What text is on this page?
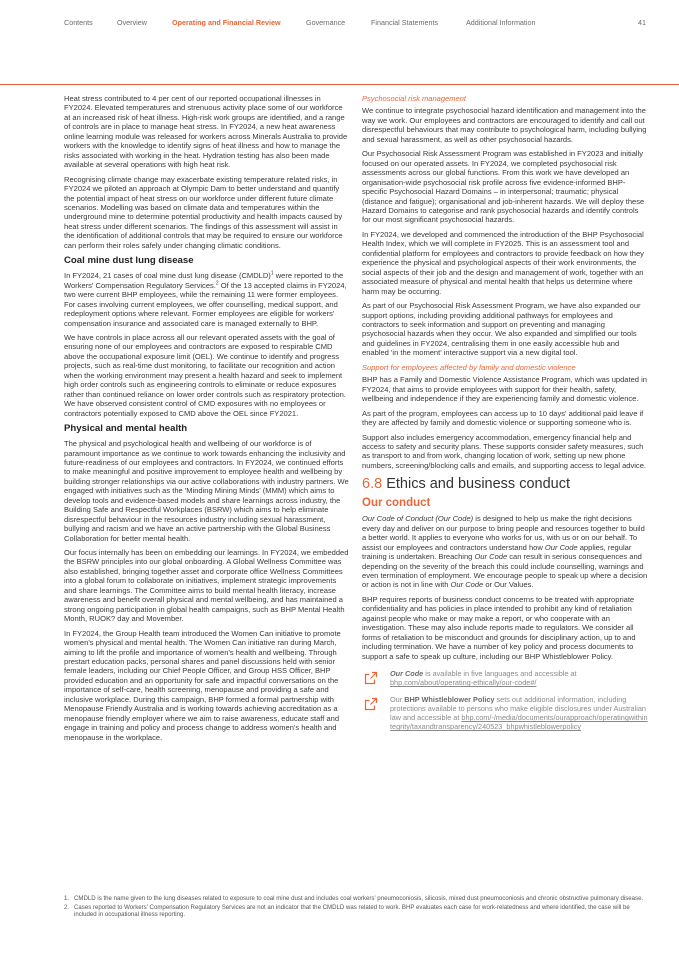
Contents	Overview	Operating and Financial Review	Governance	Financial Statements	Additional Information	41

Heat stress contributed to 4 per cent of our reported occupational illnesses in FY2024. Elevated temperatures and strenuous activity place some of our workforce at an increased risk of heat illness. High-risk work groups are identified, and a range of controls are in place to manage heat stress. In FY2024, a new heat awareness online learning module was released for workers across Minerals Australia to provide workers with the knowledge to identify signs of heat illness and how to manage the risks associated with working in the heat. Hydration testing has also been made available at several operations with high heat risk.

Recognising climate change may exacerbate existing temperature related risks, in FY2024 we piloted an approach at Olympic Dam to better understand and quantify the potential impact of heat stress on our workforce under different future climate scenarios. Modelling was based on climate data and temperatures within the underground mine to determine potential productivity and health impacts caused by heat stress under different scenarios. The findings of this assessment will assist in the identification of additional controls that may be required to ensure our workforce can perform their roles safely under changing climatic conditions.

Coal mine dust lung disease

In FY2024, 21 cases of coal mine dust lung disease (CMDLD)$^1$ were reported to the Workers' Compensation Regulatory Services.$^2$ Of the 13 accepted claims in FY2024, two were current BHP employees, while the remaining 11 were former employees. For cases involving current employees, we offer counselling, medical support, and redeployment options where relevant. Former employees are eligible for workers' compensation insurance and associated care is managed externally to BHP.

We have controls in place across all our relevant operated assets with the goal of ensuring none of our employees and contractors are exposed to respirable CMD above the occupational exposure limit (OEL). We continue to identify and progress projects, such as real-time dust monitoring, to facilitate our recognition and action when the working environment may present a health hazard and seek to implement high order controls such as engineering controls to eliminate or reduce exposures rather than continued reliance on lower order controls such as respiratory protection. We have observed consistent control of CMD exposures with no employees or contractors potentially exposed to CMD above the OEL since FY2021.

Physical and mental health

The physical and psychological health and wellbeing of our workforce is of paramount importance as we continue to work towards enhancing the inclusivity and future-readiness of our employees and contractors. In FY2024, we continued efforts to make meaningful and positive improvement to employee health and wellbeing by building stronger relationships via our active collaborations with industry partners. We engaged with initiatives such as the 'Minding Mining Minds' (MMM) which aims to develop tools and evidence-based models and share learnings across industry, the Building Safe and Respectful Workplaces (BSRW) which aims to help eliminate disrespectful behaviour in the resources industry including sexual harassment, bullying and racism and we have an active partnership with the Global Business Collaboration for better mental health.

Our focus internally has been on embedding our learnings. In FY2024, we embedded the BSRW principles into our global onboarding. A Global Wellness Committee was also established, bringing together asset and corporate office Wellness Committees into a global forum to collaborate on initiatives, implement strategic improvements and share learnings. The Committee aims to build mental health literacy, increase awareness and benefit overall physical and mental wellbeing, and has maintained a strong ongoing participation in global health campaigns, such as BHP Mental Health Month, RUOK? day and Movember.

In FY2024, the Group Health team introduced the Women Can initiative to promote women's physical and mental health. The Women Can initiative ran during March, aiming to lift the profile and importance of women's health and wellbeing. Through prestart education packs, personal shares and panel discussions held with senior female leaders, including our Chief People Officer, and Group HSS Officer, BHP provided education and an opportunity for safe and impactful conversations on the importance of self-care, health screening, menopause and providing a safe and inclusive workplace. During this campaign, BHP formed a formal partnership with Menopause Friendly Australia and is working towards achieving accreditation as a menopause friendly employer where we aim to raise awareness, educate staff and engage in training and policy and process change to address women's health and menopause in the workplace.

Psychosocial risk management

We continue to integrate psychosocial hazard identification and management into the way we work. Our employees and contractors are encouraged to identify and call out disrespectful behaviours that may contribute to psychological harm, including bullying and sexual harassment, as well as other psychosocial hazards.

Our Psychosocial Risk Assessment Program was established in FY2023 and initially focused on our operated assets. In FY2024, we completed psychosocial risk assessments across our global functions. From this work we have developed an organisation-wide psychosocial risk profile across five evidence-informed BHP-specific Psychosocial Hazard Domains – in interpersonal; traumatic; physical (distance and fatigue); organisational and job-inherent hazards. We will deploy these Hazard Domains to categorise and rank psychosocial hazards and identify controls for our most significant psychosocial hazards.

In FY2024, we developed and commenced the introduction of the BHP Psychosocial Health Index, which we will complete in FY2025. This is an assessment tool and confidential platform for employees and contractors to provide feedback on how they experience the physical and psychological aspects of their work environments, the social aspects of their job and the design and management of work, together with an associated measure of physical and mental health that helps us determine where harm may be occurring.

As part of our Psychosocial Risk Assessment Program, we have also expanded our support options, including providing additional pathways for employees and contractors to seek information and support on preventing and managing psychosocial hazards when they occur. We also expanded and simplified our tools and guidelines in FY2024, centralising them in one easily accessible hub and enabled 'in the moment' interactive support via a new digital tool.

Support for employees affected by family and domestic violence

BHP has a Family and Domestic Violence Assistance Program, which was updated in FY2024, that aims to provide employees with support for their health, safety, wellbeing and independence if they are experiencing family and domestic violence.

As part of the program, employees can access up to 10 days' additional paid leave if they are affected by family and domestic violence or supporting someone who is.

Support also includes emergency accommodation, emergency financial help and access to safety and security plans. These supports consider safety measures, such as transport to and from work, changing location of work, setting up new phone numbers, screening/blocking calls and emails, and supporting access to legal advice.

6.8 Ethics and business conduct
Our conduct

Our Code of Conduct (Our Code) is designed to help us make the right decisions every day and deliver on our purpose to bring people and resources together to build a better world. It applies to everyone who works for us, with us or on our behalf. To assist our employees and contractors understand how Our Code applies, regular training is undertaken. Breaching Our Code can result in serious consequences and depending on the severity of the breach this could include counselling, warnings and even termination of employment. We encourage people to speak up where a decision or action is not in line with Our Code or Our Values.

BHP requires reports of business conduct concerns to be treated with appropriate confidentiality and has policies in place intended to prohibit any kind of retaliation against people who make or may make a report, or who cooperate with an investigation. These may also include reports made to regulators. We consider all forms of retaliation to be misconduct and grounds for disciplinary action, up to and including termination. We have a number of key policy and process documents to support a safe to speak up culture, including our BHP Whistleblower Policy.

Our Code is available in five languages and accessible at
bhp.com/about/operating-ethically/our-code#/
Our BHP Whistleblower Policy sets out additional information, including protections available to persons who make eligible disclosures under Australian law and accessible at bhp.com/-/media/documents/ourapproach/operatingwithintegrity/taxandtransparency/240523_bhpwhistleblowerpolicy
1. CMDLD is the name given to the lung diseases related to exposure to coal mine dust and includes coal workers' pneumoconiosis, silicosis, mixed dust pneumoconiosis and chronic obstructive pulmonary disease.
2. Cases reported to Workers' Compensation Regulatory Services are not an indicator that the CMDLD was related to work. BHP evaluates each case for work-relatedness and where identified, the case will be included in occupational illness reporting.
